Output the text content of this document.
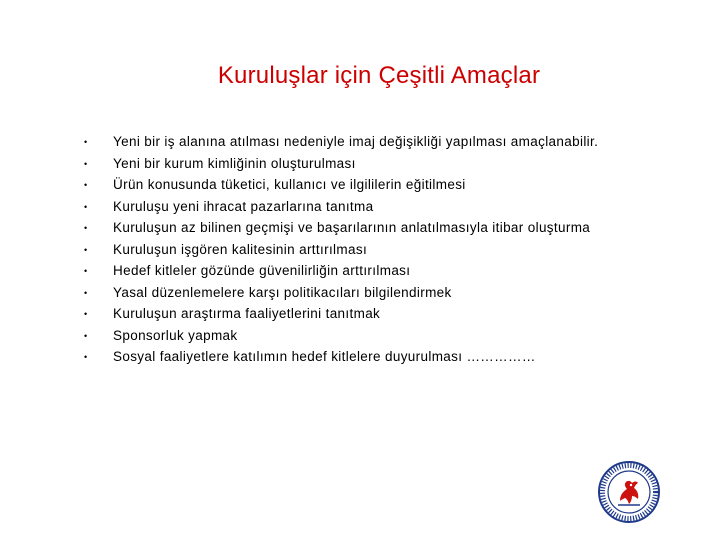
Kuruluşlar için Çeşitli Amaçlar
•	Yeni bir iş alanına atılması nedeniyle imaj değişikliği yapılması amaçlanabilir.
•	Yeni bir kurum kimliğinin oluşturulması
•	Ürün konusunda tüketici, kullanıcı ve ilgililerin eğitilmesi
•	Kuruluşu yeni ihracat pazarlarına tanıtma
•	Kuruluşun az bilinen geçmişi ve başarılarının anlatılmasıyla itibar oluşturma
•	Kuruluşun işgören kalitesinin arttırılması
•	Hedef kitleler gözünde güvenilirliğin arttırılması
•	Yasal düzenlemelere karşı politikacıları bilgilendirmek
•	Kuruluşun araştırma faaliyetlerini tanıtmak
•	Sponsorluk yapmak
•	Sosyal faaliyetlere katılımın hedef kitlelere duyurulması ……………
